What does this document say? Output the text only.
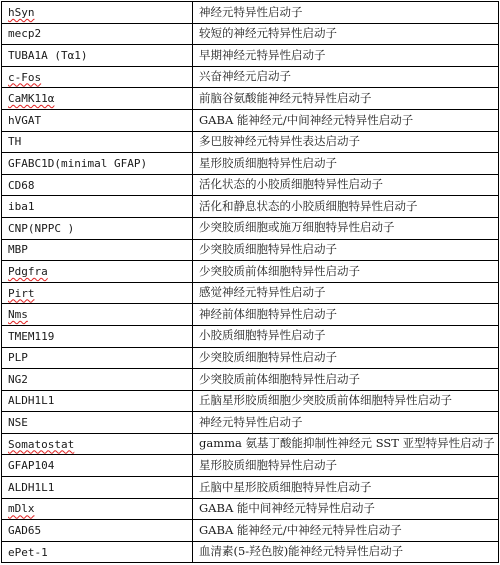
hSyn	神经元特异性启动子
mecp2	较短的神经元特异性启动子
TUBA1A (Tα1)	早期神经元特异性启动子
c-Fos	兴奋神经元启动子
CaMK11α	前脑谷氨酸能神经元特异性启动子
hVGAT	GABA 能神经元/中间神经元特异性启动子
TH	多巴胺神经元特异性表达启动子
GFABC1D(minimal GFAP)	星形胶质细胞特异性启动子
CD68	活化状态的小胶质细胞特异性启动子
iba1	活化和静息状态的小胶质细胞特异性启动子
CNP(NPPC )	少突胶质细胞或施万细胞特异性启动子
MBP	少突胶质细胞特异性启动子
Pdgfra	少突胶质前体细胞特异性启动子
Pirt	感觉神经元特异性启动子
Nms	神经前体细胞特异性启动子
TMEM119	小胶质细胞特异性启动子
PLP	少突胶质细胞特异性启动子
NG2	少突胶质前体细胞特异性启动子
ALDH1L1	丘脑星形胶质细胞少突胶质前体细胞特异性启动子
NSE	神经元特异性启动子
Somatostat	gamma 氨基丁酸能抑制性神经元 SST 亚型特异性启动子
GFAP104	星形胶质细胞特异性启动子
ALDH1L1	丘脑中星形胶质细胞特异性启动子
mDlx	GABA 能中间神经元特异性启动子
GAD65	GABA 能神经元/中神经元特异性启动子
ePet-1	血清素(5-羟色胺)能神经元特异性启动子
